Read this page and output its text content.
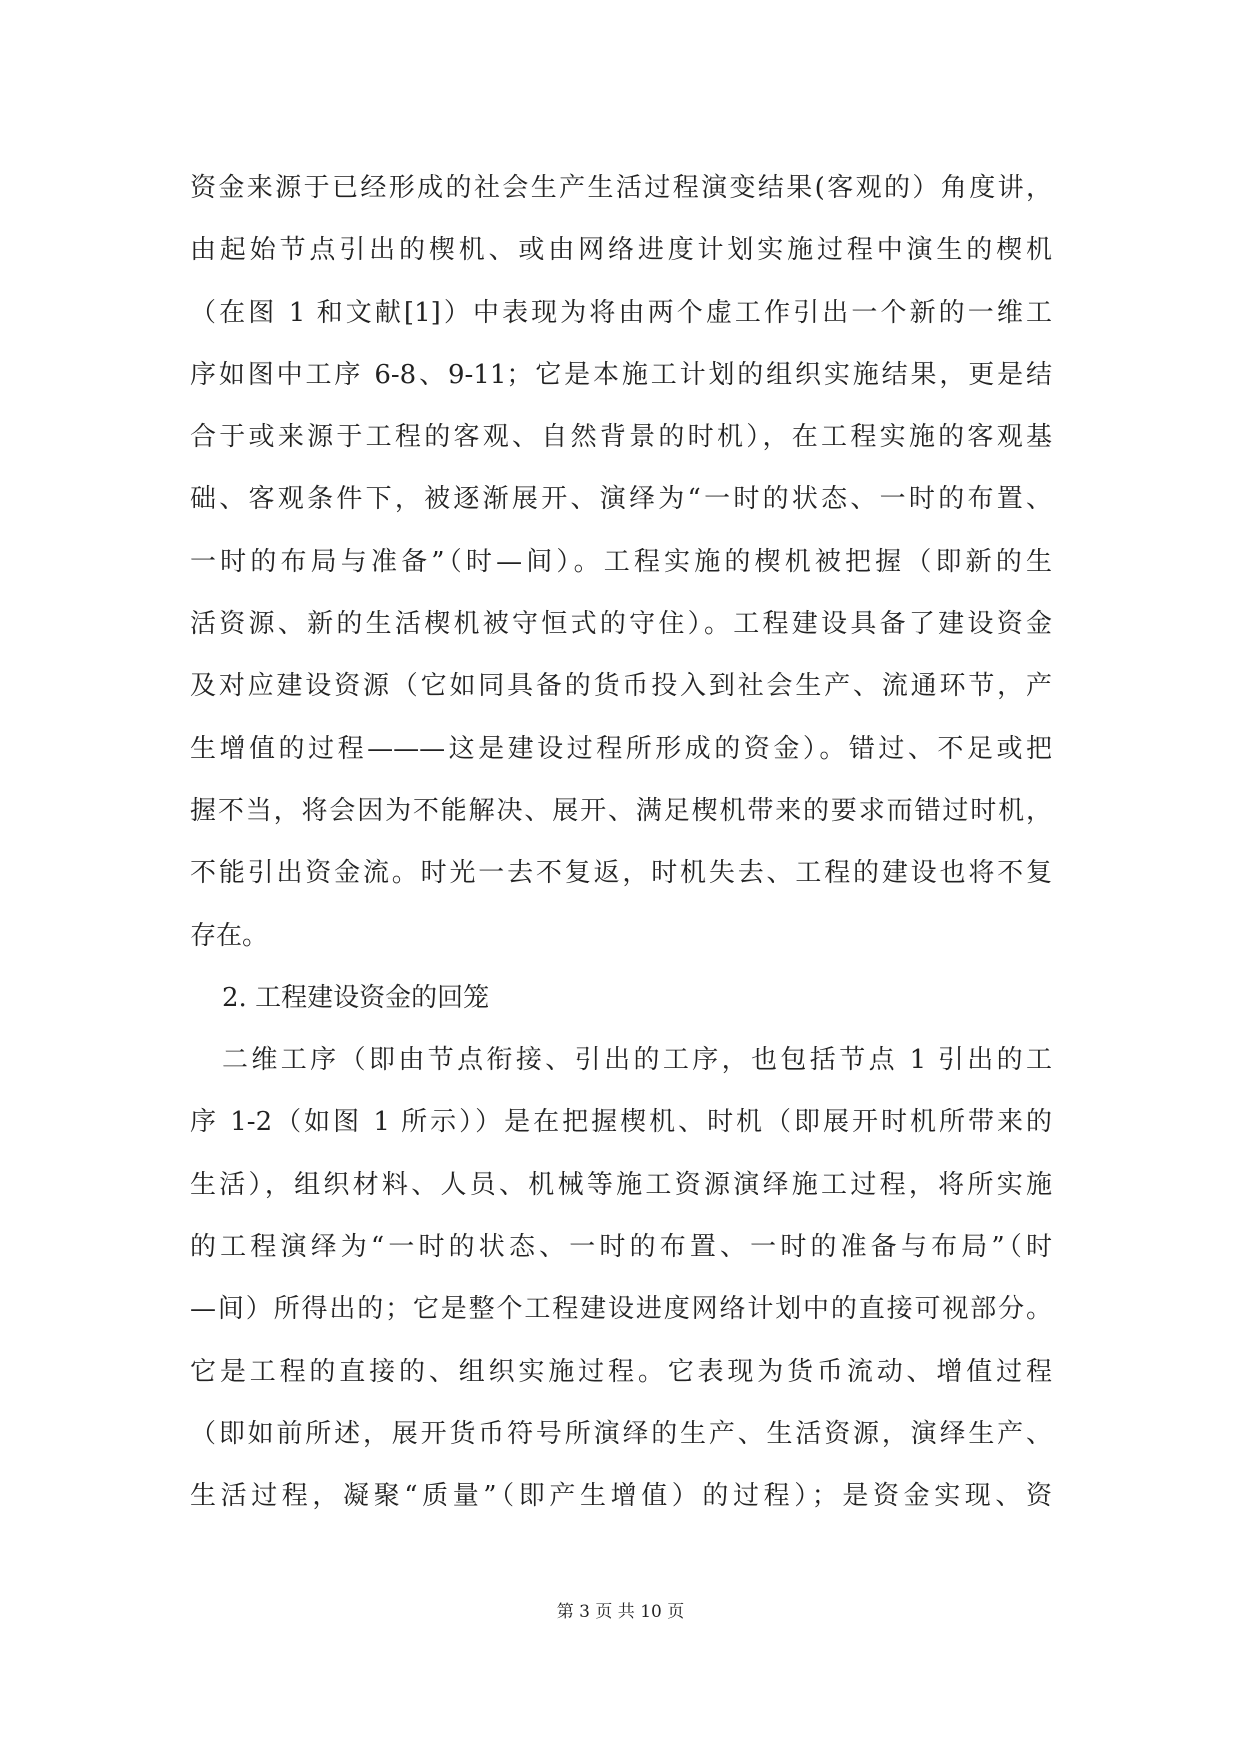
资金来源于已经形成的社会生产生活过程演变结果(客观的）角度讲，
由起始节点引出的楔机、或由网络进度计划实施过程中演生的楔机
（在图 1 和文献[1]）中表现为将由两个虚工作引出一个新的一维工
序如图中工序 6-8、9-11；它是本施工计划的组织实施结果，更是结
合于或来源于工程的客观、自然背景的时机），在工程实施的客观基
础、客观条件下，被逐渐展开、演绎为“一时的状态、一时的布置、
一时的布局与准备”（时—间）。工程实施的楔机被把握（即新的生
活资源、新的生活楔机被守恒式的守住）。工程建设具备了建设资金
及对应建设资源（它如同具备的货币投入到社会生产、流通环节，产
生增值的过程———这是建设过程所形成的资金）。错过、不足或把
握不当，将会因为不能解决、展开、满足楔机带来的要求而错过时机，
不能引出资金流。时光一去不复返，时机失去、工程的建设也将不复
存在。
2. 工程建设资金的回笼
二维工序（即由节点衔接、引出的工序，也包括节点 1 引出的工
序 1-2（如图 1 所示））是在把握楔机、时机（即展开时机所带来的
生活），组织材料、人员、机械等施工资源演绎施工过程，将所实施
的工程演绎为“一时的状态、一时的布置、一时的准备与布局”（时
—间）所得出的；它是整个工程建设进度网络计划中的直接可视部分。
它是工程的直接的、组织实施过程。它表现为货币流动、增值过程
（即如前所述，展开货币符号所演绎的生产、生活资源，演绎生产、
生活过程，凝聚“质量”（即产生增值）的过程）；是资金实现、资
第 3 页 共 10 页
